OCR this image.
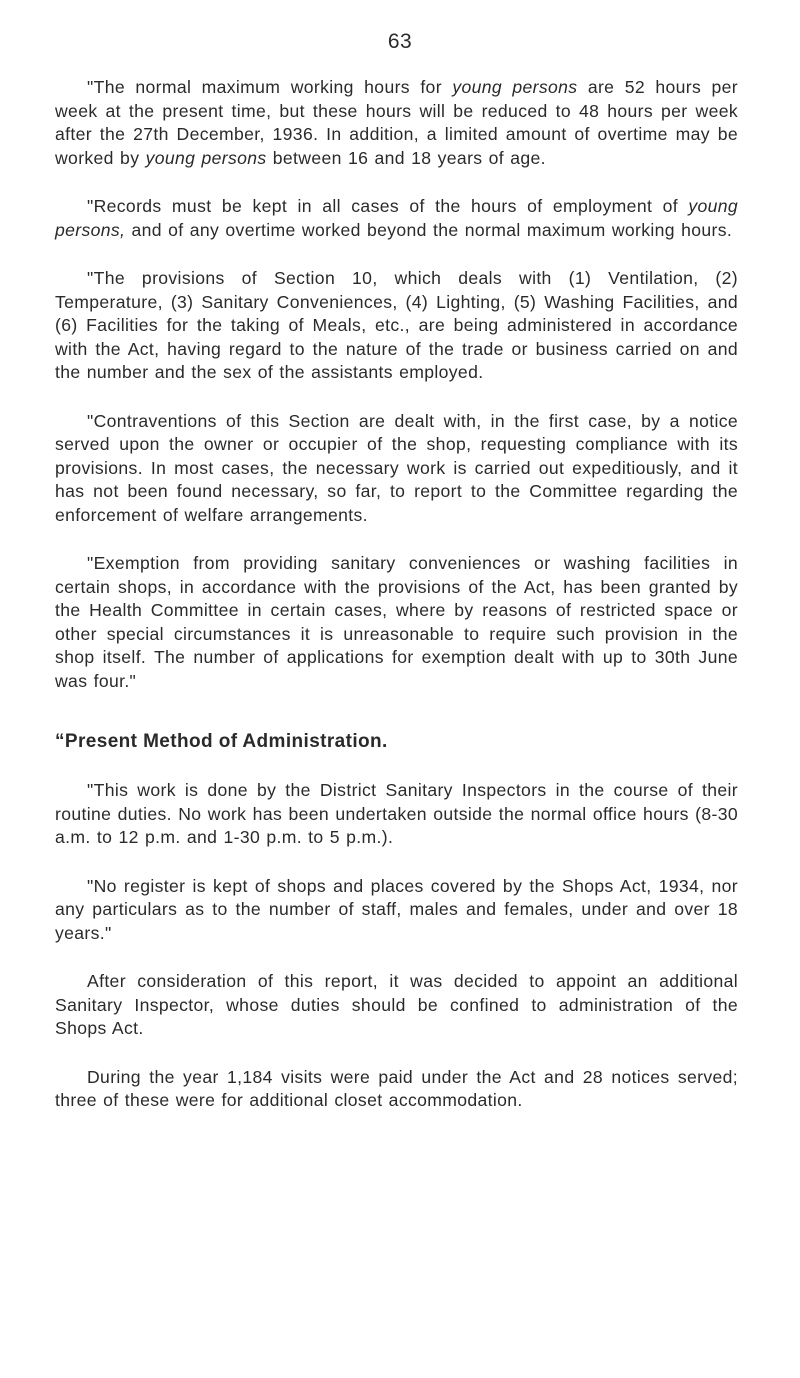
63

"The normal maximum working hours for young persons are 52 hours per week at the present time, but these hours will be reduced to 48 hours per week after the 27th December, 1936. In addition, a limited amount of overtime may be worked by young persons between 16 and 18 years of age.

"Records must be kept in all cases of the hours of employment of young persons, and of any overtime worked beyond the normal maximum working hours.

"The provisions of Section 10, which deals with (1) Ventilation, (2) Temperature, (3) Sanitary Conveniences, (4) Lighting, (5) Washing Facilities, and (6) Facilities for the taking of Meals, etc., are being administered in accordance with the Act, having regard to the nature of the trade or business carried on and the number and the sex of the assistants employed.

"Contraventions of this Section are dealt with, in the first case, by a notice served upon the owner or occupier of the shop, requesting compliance with its provisions. In most cases, the necessary work is carried out expeditiously, and it has not been found necessary, so far, to report to the Committee regarding the enforcement of welfare arrangements.

"Exemption from providing sanitary conveniences or washing facilities in certain shops, in accordance with the provisions of the Act, has been granted by the Health Committee in certain cases, where by reasons of restricted space or other special circumstances it is unreasonable to require such provision in the shop itself. The number of applications for exemption dealt with up to 30th June was four."

“Present Method of Administration.

"This work is done by the District Sanitary Inspectors in the course of their routine duties. No work has been undertaken outside the normal office hours (8-30 a.m. to 12 p.m. and 1-30 p.m. to 5 p.m.).

"No register is kept of shops and places covered by the Shops Act, 1934, nor any particulars as to the number of staff, males and females, under and over 18 years."

After consideration of this report, it was decided to appoint an additional Sanitary Inspector, whose duties should be confined to administration of the Shops Act.

During the year 1,184 visits were paid under the Act and 28 notices served; three of these were for additional closet accommodation.
